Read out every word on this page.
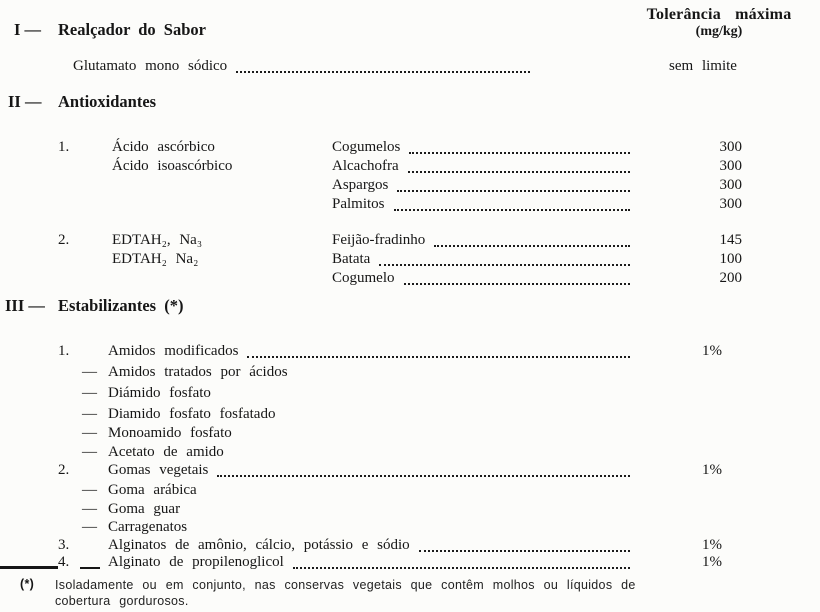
Tolerância máxima
(mg/kg)
I — Realçador do Sabor
Glutamato mono sódico	sem limite
II — Antioxidantes
1.	Ácido ascórbico	Cogumelos	300
Ácido isoascórbico	Alcachofra	300
Aspargos	300
Palmitos	300
2.	EDTAH₂, Na₃	Feijão-fradinho	145
EDTAH₂ Na₂	Batata	100
Cogumelo	200
III — Estabilizantes (*)
1.	Amidos modificados	1%
— Amidos tratados por ácidos
— Diámido fosfato
— Diamido fosfato fosfatado
— Monoamido fosfato
— Acetato de amido
2.	Gomas vegetais	1%
— Goma arábica
— Goma guar
— Carragenatos
3.	Alginatos de amônio, cálcio, potássio e sódio	1%
4.	Alginato de propilenoglicol	1%
(*) Isoladamente ou em conjunto, nas conservas vegetais que contêm molhos ou líquidos de
cobertura gordurosos.
